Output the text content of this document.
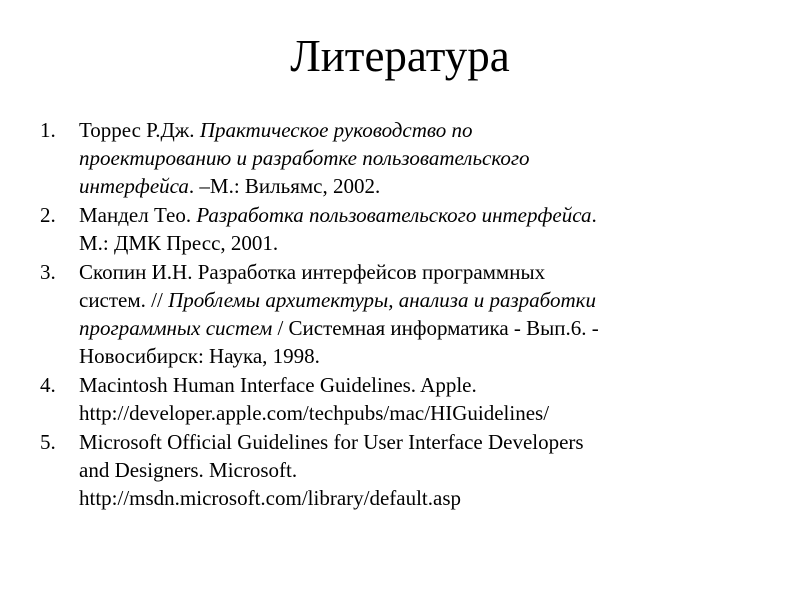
Литература
1. Торрес Р.Дж. Практическое руководство по
проектированию и разработке пользовательского
интерфейса. –М.: Вильямс, 2002.
2. Мандел Тео. Разработка пользовательского интерфейса.
М.: ДМК Пресс, 2001.
3. Скопин И.Н. Разработка интерфейсов программных
систем. // Проблемы архитектуры, анализа и разработки
программных систем / Системная информатика - Вып.6. -
Новосибирск: Наука, 1998.
4. Macintosh Human Interface Guidelines. Apple.
http://developer.apple.com/techpubs/mac/HIGuidelines/
5. Microsoft Official Guidelines for User Interface Developers
and Designers. Microsoft.
http://msdn.microsoft.com/library/default.asp
